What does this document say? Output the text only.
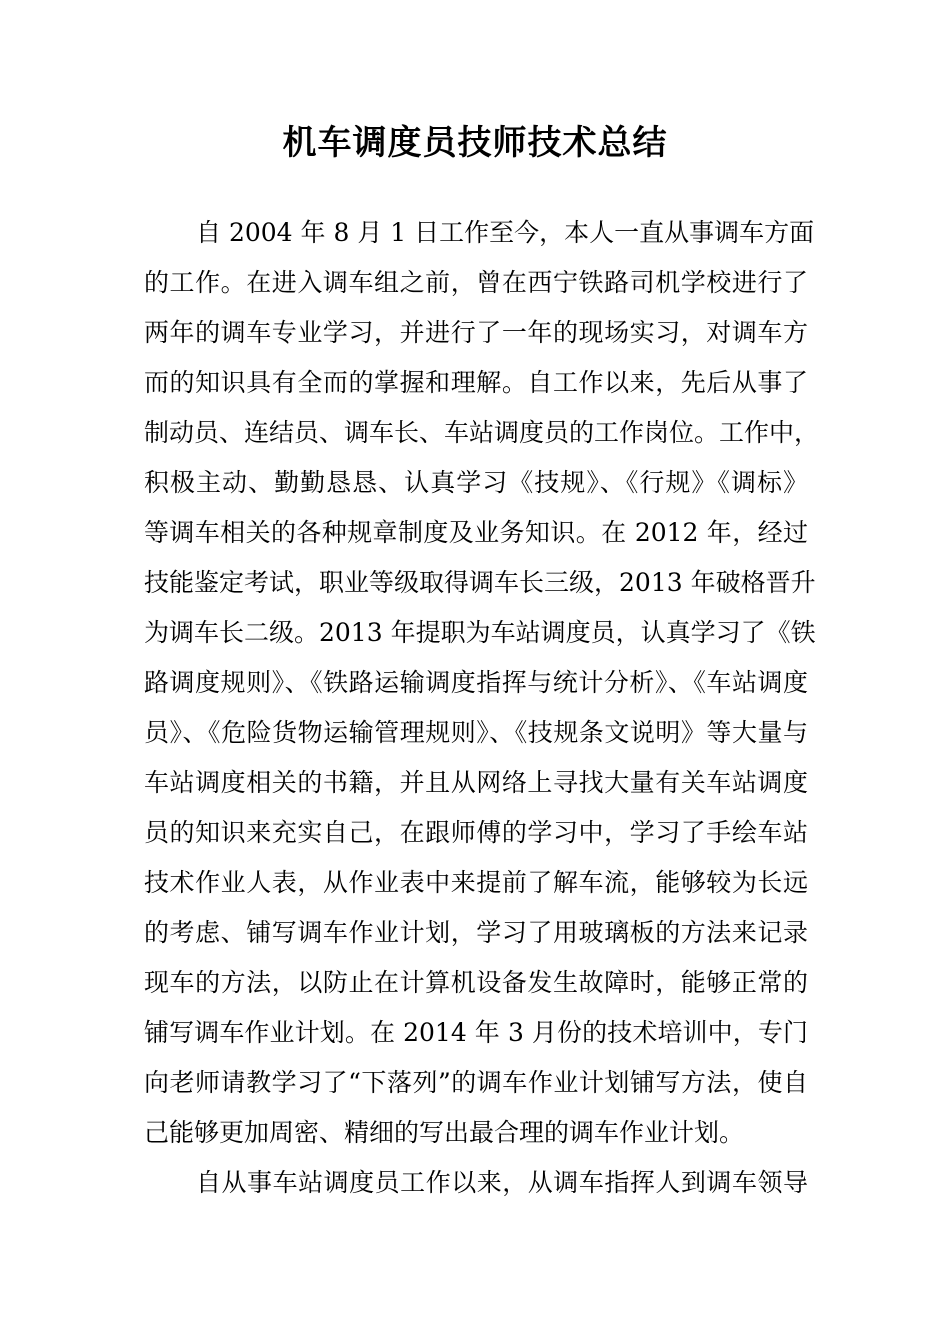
机车调度员技师技术总结
自 2004 年 8 月 1 日工作至今，本人一直从事调车方面
的工作。在进入调车组之前，曾在西宁铁路司机学校进行了
两年的调车专业学习，并进行了一年的现场实习，对调车方
而的知识具有全而的掌握和理解。自工作以来，先后从事了
制动员、连结员、调车长、车站调度员的工作岗位。工作中，
积极主动、勤勤恳恳、认真学习《技规》、《行规》《调标》
等调车相关的各种规章制度及业务知识。在 2012 年，经过
技能鉴定考试，职业等级取得调车长三级，2013 年破格晋升
为调车长二级。2013 年提职为车站调度员，认真学习了《铁
路调度规则》、《铁路运输调度指挥与统计分析》、《车站调度
员》、《危险货物运输管理规则》、《技规条文说明》等大量与
车站调度相关的书籍，并且从网络上寻找大量有关车站调度
员的知识来充实自己，在跟师傅的学习中，学习了手绘车站
技术作业人表，从作业表中来提前了解车流，能够较为长远
的考虑、铺写调车作业计划，学习了用玻璃板的方法来记录
现车的方法，以防止在计算机设备发生故障时，能够正常的
铺写调车作业计划。在 2014 年 3 月份的技术培训中，专门
向老师请教学习了“下落列”的调车作业计划铺写方法，使自
己能够更加周密、精细的写出最合理的调车作业计划。
自从事车站调度员工作以来，从调车指挥人到调车领导
